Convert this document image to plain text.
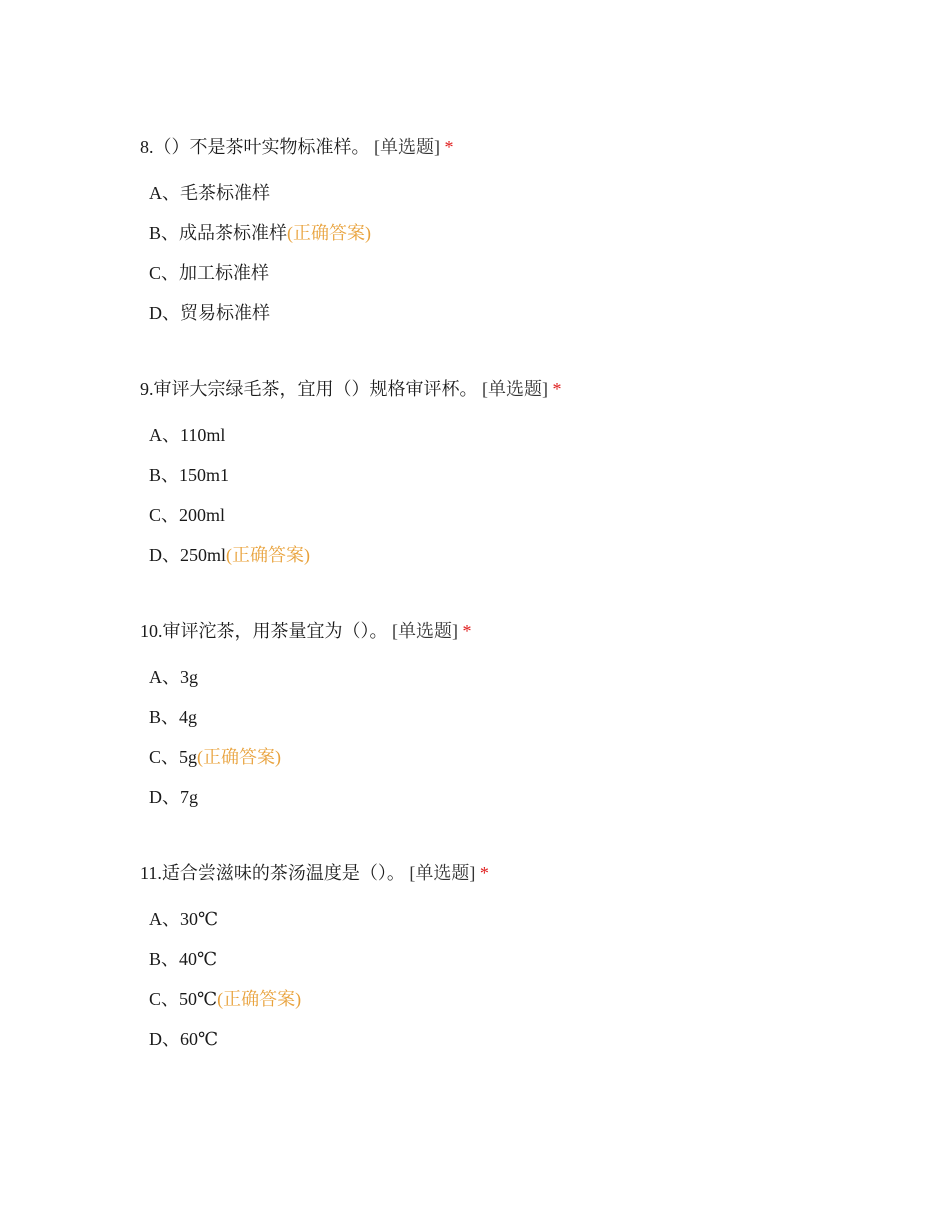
8.（）不是茶叶实物标准样。 [单选题] *
A、毛茶标准样
B、成品茶标准样(正确答案)
C、加工标准样
D、贸易标准样
9.审评大宗绿毛茶，宜用（）规格审评杯。 [单选题] *
A、110ml
B、150m1
C、200ml
D、250ml(正确答案)
10.审评沱茶，用茶量宜为（）。 [单选题] *
A、3g
B、4g
C、5g(正确答案)
D、7g
11.适合尝滋味的茶汤温度是（）。 [单选题] *
A、30℃
B、40℃
C、50℃(正确答案)
D、60℃
